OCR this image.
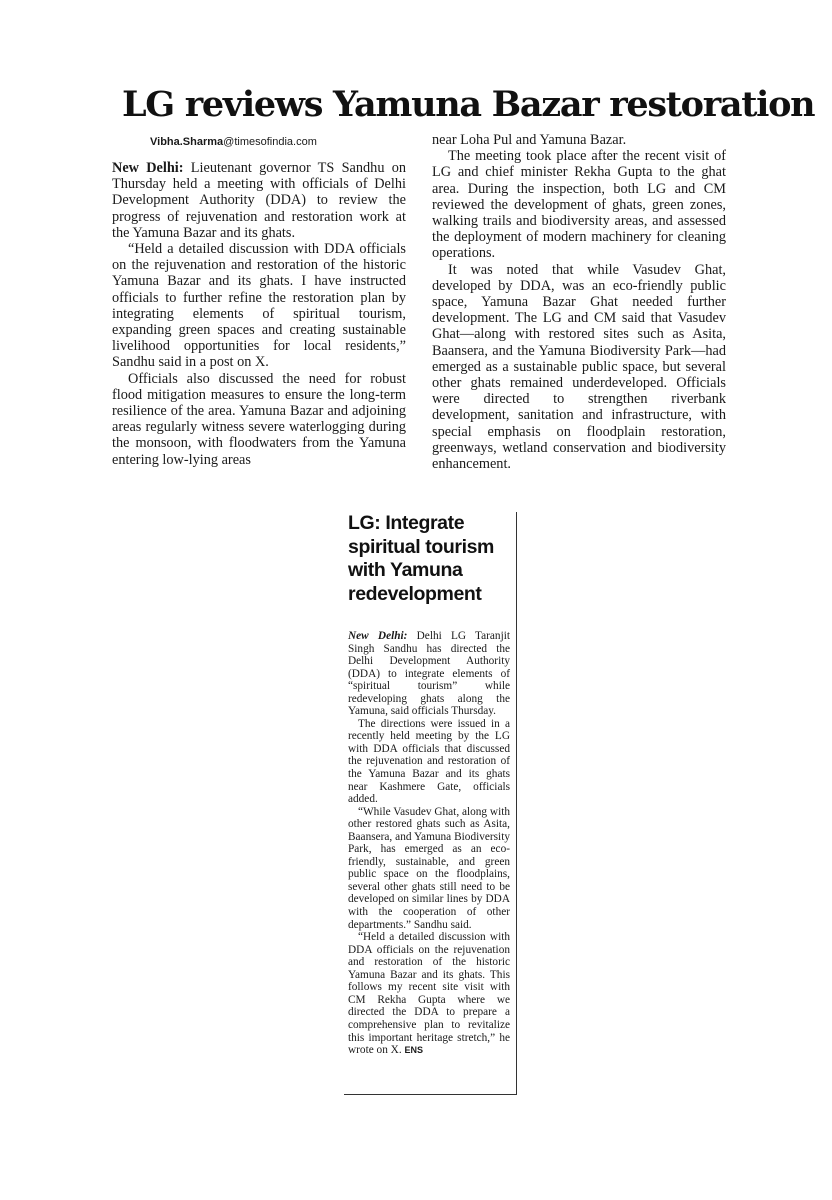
LG reviews Yamuna Bazar restoration
Vibha.Sharma@timesofindia.com

New Delhi: Lieutenant governor TS Sandhu on Thursday held a meeting with officials of Delhi Development Authority (DDA) to review the progress of rejuvenation and restoration work at the Yamuna Bazar and its ghats.

“Held a detailed discussion with DDA officials on the rejuvenation and restoration of the historic Yamuna Bazar and its ghats. I have instructed officials to further refine the restoration plan by integrating elements of spiritual tourism, expanding green spaces and creating sustainable livelihood opportunities for local residents,” Sandhu said in a post on X.

Officials also discussed the need for robust flood mitigation measures to ensure the long-term resilience of the area. Yamuna Bazar and adjoining areas regularly witness severe waterlogging during the monsoon, with floodwaters from the Yamuna entering low-lying areas

near Loha Pul and Yamuna Bazar.

The meeting took place after the recent visit of LG and chief minister Rekha Gupta to the ghat area. During the inspection, both LG and CM reviewed the development of ghats, green zones, walking trails and biodiversity areas, and assessed the deployment of modern machinery for cleaning operations.

It was noted that while Vasudev Ghat, developed by DDA, was an eco-friendly public space, Yamuna Bazar Ghat needed further development. The LG and CM said that Vasudev Ghat—along with restored sites such as Asita, Baansera, and the Yamuna Biodiversity Park—had emerged as a sustainable public space, but several other ghats remained underdeveloped. Officials were directed to strengthen riverbank development, sanitation and infrastructure, with special emphasis on floodplain restoration, greenways, wetland conservation and biodiversity enhancement.

LG: Integrate spiritual tourism with Yamuna redevelopment

New Delhi: Delhi LG Taranjit Singh Sandhu has directed the Delhi Development Authority (DDA) to integrate elements of “spiritual tourism” while redeveloping ghats along the Yamuna, said officials Thursday.

The directions were issued in a recently held meeting by the LG with DDA officials that discussed the rejuvenation and restoration of the Yamuna Bazar and its ghats near Kashmere Gate, officials added.

“While Vasudev Ghat, along with other restored ghats such as Asita, Baansera, and Yamuna Biodiversity Park, has emerged as an eco-friendly, sustainable, and green public space on the floodplains, several other ghats still need to be developed on similar lines by DDA with the cooperation of other departments.” Sandhu said.

“Held a detailed discussion with DDA officials on the rejuvenation and restoration of the historic Yamuna Bazar and its ghats. This follows my recent site visit with CM Rekha Gupta where we directed the DDA to prepare a comprehensive plan to revitalize this important heritage stretch,” he wrote on X. ENS
